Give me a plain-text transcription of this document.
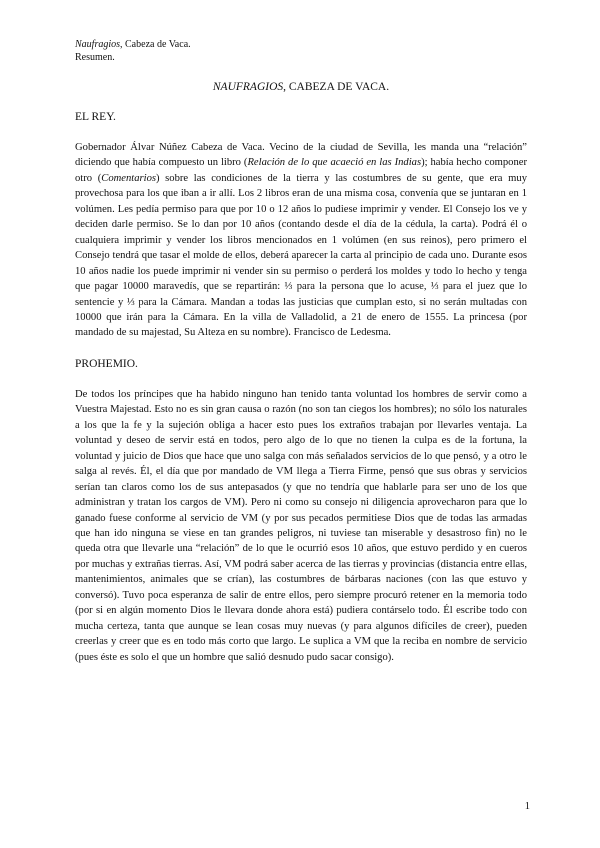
Naufragios, Cabeza de Vaca.

Resumen.

NAUFRAGIOS, CABEZA DE VACA.

EL REY.

Gobernador Álvar Núñez Cabeza de Vaca. Vecino de la ciudad de Sevilla, les manda una “relación” diciendo que había compuesto un libro (Relación de lo que acaeció en las Indias); había hecho componer otro (Comentarios) sobre las condiciones de la tierra y las costumbres de su gente, que era muy provechosa para los que iban a ir allí. Los 2 libros eran de una misma cosa, convenía que se juntaran en 1 volúmen. Les pedía permiso para que por 10 o 12 años lo pudiese imprimir y vender. El Consejo los ve y deciden darle permiso. Se lo dan por 10 años (contando desde el día de la cédula, la carta). Podrá él o cualquiera imprimir y vender los libros mencionados en 1 volúmen (en sus reinos), pero primero el Consejo tendrá que tasar el molde de ellos, deberá aparecer la carta al principio de cada uno. Durante esos 10 años nadie los puede imprimir ni vender sin su permiso o perderá los moldes y todo lo hecho y tenga que pagar 10000 maravedís, que se repartirán: ⅓ para la persona que lo acuse, ⅓ para el juez que lo sentencie y ⅓ para la Cámara. Mandan a todas las justicias que cumplan esto, si no serán multadas con 10000 que irán para la Cámara. En la villa de Valladolid, a 21 de enero de 1555. La princesa (por mandado de su majestad, Su Alteza en su nombre). Francisco de Ledesma.

PROHEMIO.

De todos los príncipes que ha habido ninguno han tenido tanta voluntad los hombres de servir como a Vuestra Majestad. Esto no es sin gran causa o razón (no son tan ciegos los hombres); no sólo los naturales a los que la fe y la sujeción obliga a hacer esto pues los extraños trabajan por llevarles ventaja. La voluntad y deseo de servir está en todos, pero algo de lo que no tienen la culpa es de la fortuna, la voluntad y juicio de Dios que hace que uno salga con más señalados servicios de lo que pensó, y a otro le salga al revés. Él, el día que por mandado de VM llega a Tierra Firme, pensó que sus obras y servicios serían tan claros como los de sus antepasados (y que no tendría que hablarle para ser uno de los que administran y tratan los cargos de VM). Pero ni como su consejo ni diligencia aprovecharon para que lo ganado fuese conforme al servicio de VM (y por sus pecados permitiese Dios que de todas las armadas que han ido ninguna se viese en tan grandes peligros, ni tuviese tan miserable y desastroso fin) no le queda otra que llevarle una “relación” de lo que le ocurrió esos 10 años, que estuvo perdido y en cueros por muchas y extrañas tierras. Así, VM podrá saber acerca de las tierras y provincias (distancia entre ellas, mantenimientos, animales que se crían), las costumbres de bárbaras naciones (con las que estuvo y conversó). Tuvo poca esperanza de salir de entre ellos, pero siempre procuró retener en la memoria todo (por si en algún momento Dios le llevara donde ahora está) pudiera contárselo todo. Él escribe todo con mucha certeza, tanta que aunque se lean cosas muy nuevas (y para algunos difíciles de creer), pueden creerlas y creer que es en todo más corto que largo. Le suplica a VM que la reciba en nombre de servicio (pues éste es solo el que un hombre que salió desnudo pudo sacar consigo).

1
